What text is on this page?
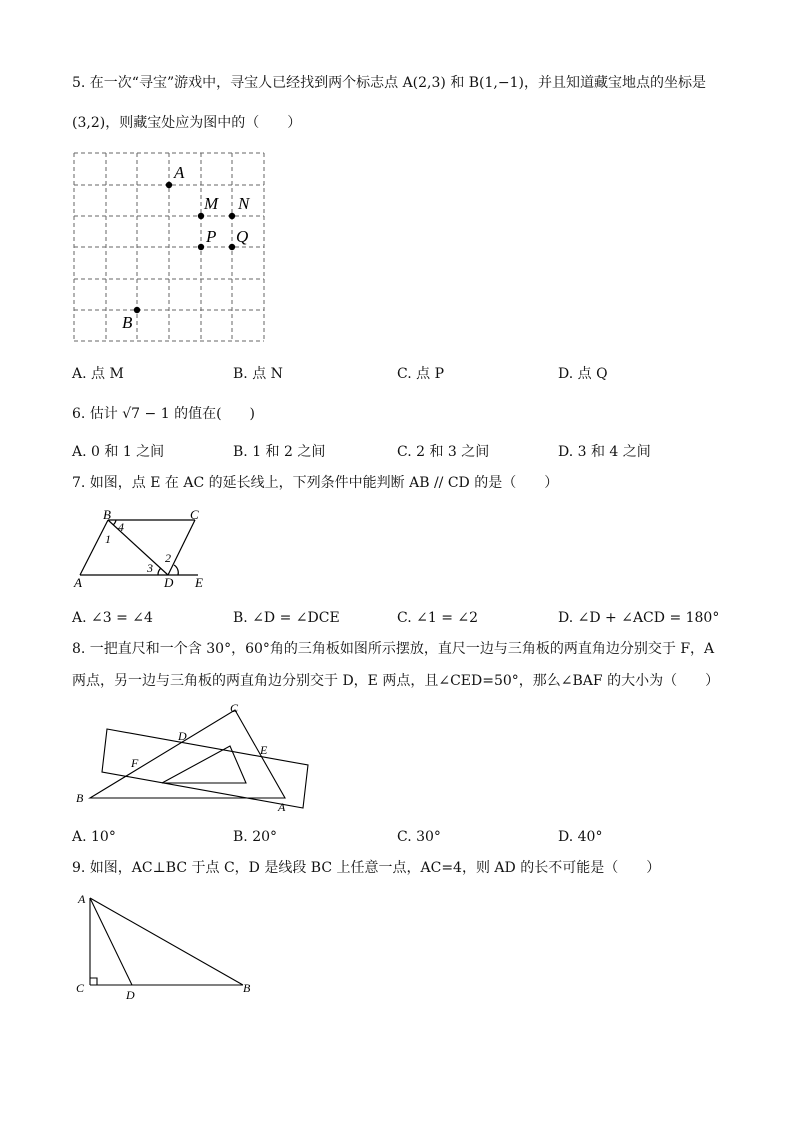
5. 在一次“寻宝”游戏中，寻宝人已经找到两个标志点 A(2,3) 和 B(1,−1)，并且知道藏宝地点的坐标是
(3,2)，则藏宝处应为图中的（　　）
A
M N
P Q
B
A. 点 M	B. 点 N	C. 点 P	D. 点 Q
6. 估计 √7 − 1 的值在(　　)
A. 0 和 1 之间	B. 1 和 2 之间	C. 2 和 3 之间	D. 3 和 4 之间
7. 如图，点 E 在 AC 的延长线上，下列条件中能判断 AB // CD 的是（　　）
B	C
A	D E
1
2
3
4
A. ∠3 = ∠4	B. ∠D = ∠DCE	C. ∠1 = ∠2	D. ∠D + ∠ACD = 180°
8. 一把直尺和一个含 30°，60°角的三角板如图所示摆放，直尺一边与三角板的两直角边分别交于 F，A
两点，另一边与三角板的两直角边分别交于 D，E 两点，且∠CED=50°，那么∠BAF 的大小为（　　）
C
D
E
F
B
A
A. 10°	B. 20°	C. 30°	D. 40°
9. 如图，AC⊥BC 于点 C，D 是线段 BC 上任意一点，AC=4，则 AD 的长不可能是（　　）
A
C	D	B
